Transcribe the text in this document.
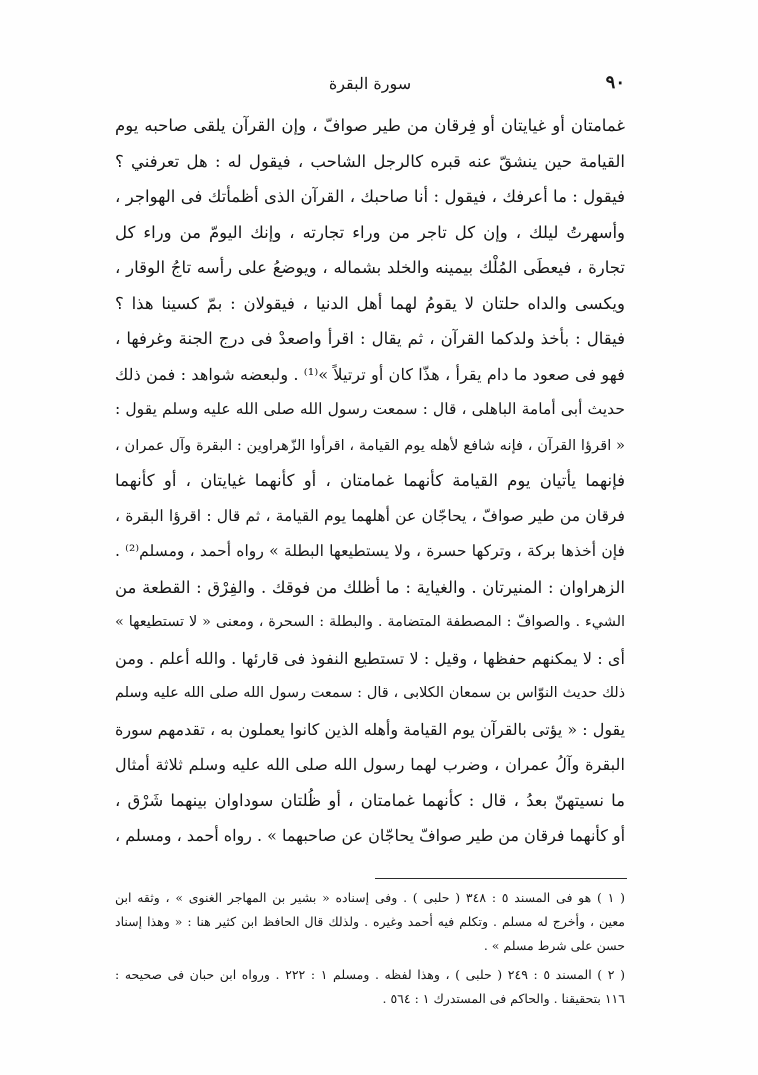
٩٠
سورة البقرة
غمامتان أو غيايتان أو فِرقان من طير صوافّ ، وإن القرآن يلقى صاحبه يوم
القيامة حين ينشقّ عنه قبره كالرجل الشاحب ، فيقول له : هل تعرفني ؟
فيقول : ما أعرفك ، فيقول : أنا صاحبك ، القرآن الذى أظمأتك فى الهواجر ،
وأسهرتُ ليلك ، وإن كل تاجر من وراء تجارته ، وإنك اليومّ من وراء كل
تجارة ، فيعطَى المُلْك بيمينه والخلد بشماله ، ويوضعُ على رأسه تاجُ الوقار ،
ويكسى والداه حلتان لا يقومُ لهما أهل الدنيا ، فيقولان : بمّ كسينا هذا ؟
فيقال : بأخذ ولدكما القرآن ، ثم يقال : اقرأ واصعدْ فى درج الجنة وغرفها ،
فهو فى صعود ما دام يقرأ ، هذّا كان أو ترتيلاً »⁽¹⁾ . ولبعضه شواهد : فمن ذلك
حديث أبى أمامة الباهلى ، قال : سمعت رسول الله صلى الله عليه وسلم يقول :
« اقرؤا القرآن ، فإنه شافع لأهله يوم القيامة ، اقرأوا الزّهراوين : البقرة وآل عمران ،
فإنهما يأتيان يوم القيامة كأنهما غمامتان ، أو كأنهما غيايتان ، أو كأنهما
فرقان من طير صوافّ ، يحاجّان عن أهلهما يوم القيامة ، ثم قال : اقرؤا البقرة ،
فإن أخذها بركة ، وتركها حسرة ، ولا يستطيعها البطلة » رواه أحمد ، ومسلم⁽²⁾ .
الزهراوان : المنيرتان . والغياية : ما أظلك من فوقك . والفِرْق : القطعة من
الشيء . والصوافّ : المصطفة المتضامة . والبطلة : السحرة ، ومعنى « لا تستطيعها »
أى : لا يمكنهم حفظها ، وقيل : لا تستطيع النفوذ فى قارئها . والله أعلم . ومن
ذلك حديث النوّاس بن سمعان الكلابى ، قال : سمعت رسول الله صلى الله عليه وسلم
يقول : « يؤتى بالقرآن يوم القيامة وأهله الذين كانوا يعملون به ، تقدمهم سورة
البقرة وآلُ عمران ، وضرب لهما رسول الله صلى الله عليه وسلم ثلاثة أمثال
ما نسيتهنّ بعدُ ، قال : كأنهما غمامتان ، أو ظُلتان سوداوان بينهما شَرْق ،
أو كأنهما فرقان من طير صوافّ يحاجّان عن صاحبهما » . رواه أحمد ، ومسلم ،
( ١ ) هو فى المسند ٥ : ٣٤٨ ( حلبى ) . وفى إسناده « بشير بن المهاجر الغنوى » ، وثقه ابن
معين ، وأخرج له مسلم . وتكلم فيه أحمد وغيره . ولذلك قال الحافظ ابن كثير هنا : « وهذا إسناد
حسن على شرط مسلم » .
( ٢ ) المسند ٥ : ٢٤٩ ( حلبى ) ، وهذا لفظه . ومسلم ١ : ٢٢٢ . ورواه ابن حبان فى صحيحه :
١١٦ بتحقيقنا . والحاكم فى المستدرك ١ : ٥٦٤ .
